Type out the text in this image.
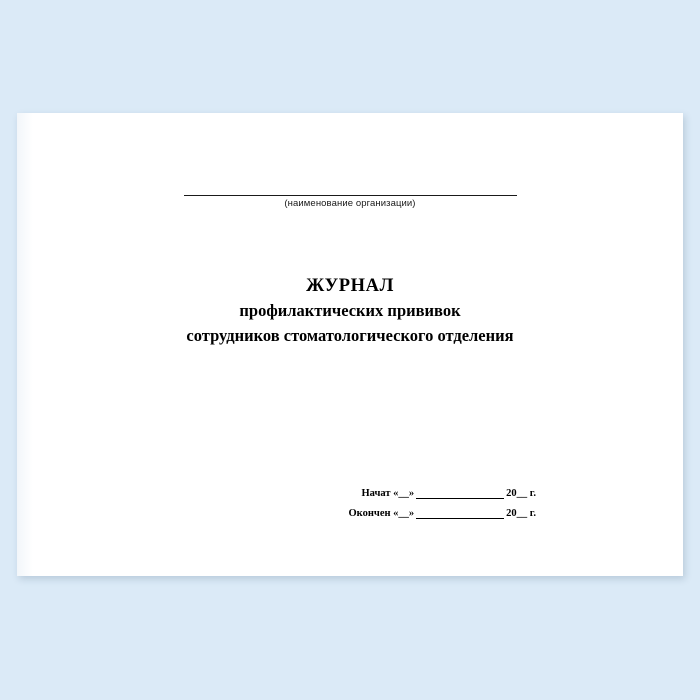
(наименование организации)
ЖУРНАЛ
профилактических прививок
сотрудников стоматологического отделения
Начат «__»	20__ г.
Окончен «__»	20__ г.
